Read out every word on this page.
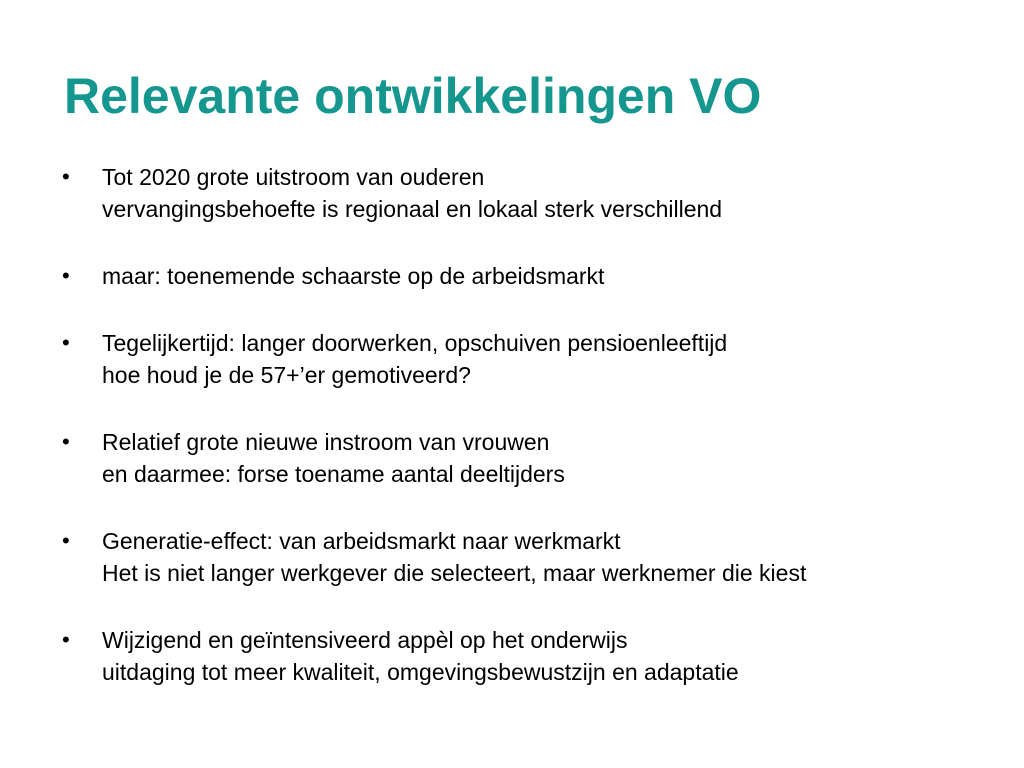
Relevante ontwikkelingen VO
• Tot 2020 grote uitstroom van ouderen
vervangingsbehoefte is regionaal en lokaal sterk verschillend
• maar: toenemende schaarste op de arbeidsmarkt
• Tegelijkertijd: langer doorwerken, opschuiven pensioenleeftijd
hoe houd je de 57+’er gemotiveerd?
• Relatief grote nieuwe instroom van vrouwen
en daarmee: forse toename aantal deeltijders
• Generatie-effect: van arbeidsmarkt naar werkmarkt
Het is niet langer werkgever die selecteert, maar werknemer die kiest
• Wijzigend en geïntensiveerd appèl op het onderwijs
uitdaging tot meer kwaliteit, omgevingsbewustzijn en adaptatie
